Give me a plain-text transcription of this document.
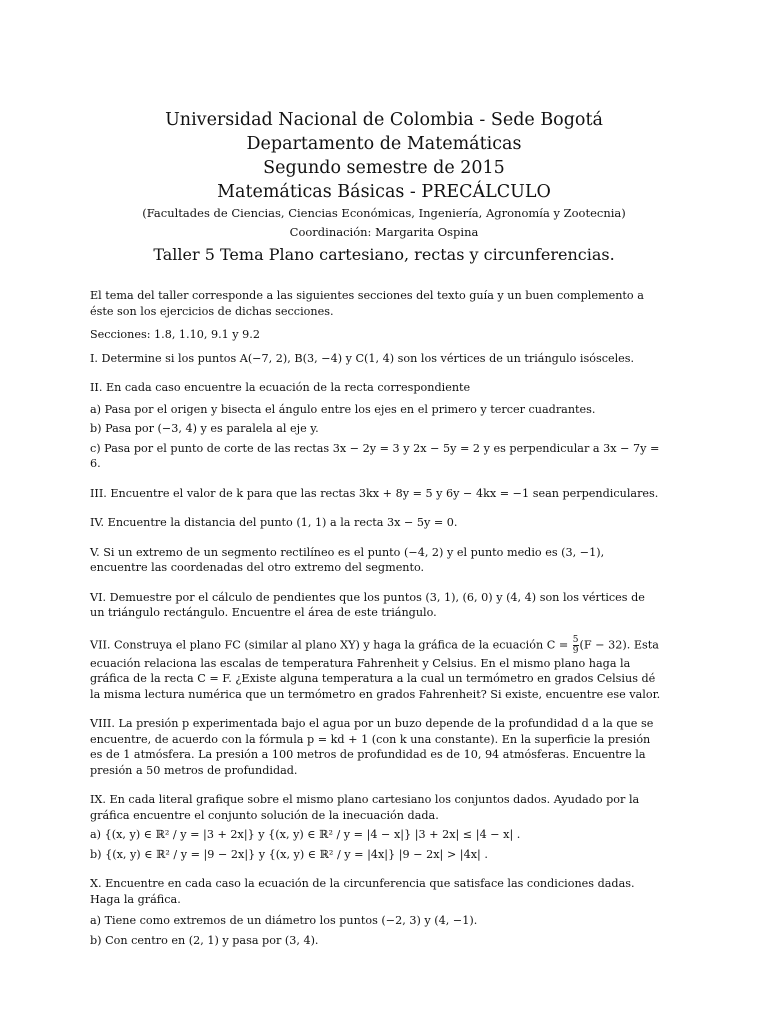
Universidad Nacional de Colombia - Sede Bogotá
Departamento de Matemáticas
Segundo semestre de 2015
Matemáticas Básicas - PRECÁLCULO
(Facultades de Ciencias, Ciencias Económicas, Ingeniería, Agronomía y Zootecnia)
Coordinación: Margarita Ospina
Taller 5 Tema Plano cartesiano, rectas y circunferencias.

El tema del taller corresponde a las siguientes secciones del texto guía y un buen complemento a éste son los ejercicios de dichas secciones.

Secciones: 1.8, 1.10, 9.1 y 9.2

I. Determine si los puntos A(−7, 2), B(3, −4) y C(1, 4) son los vértices de un triángulo isósceles.

II. En cada caso encuentre la ecuación de la recta correspondiente

a) Pasa por el origen y bisecta el ángulo entre los ejes en el primero y tercer cuadrantes.

b) Pasa por (−3, 4) y es paralela al eje y.

c) Pasa por el punto de corte de las rectas 3x − 2y = 3 y 2x − 5y = 2 y es perpendicular a 3x − 7y = 6.

III. Encuentre el valor de k para que las rectas 3kx + 8y = 5 y 6y − 4kx = −1 sean perpendiculares.

IV. Encuentre la distancia del punto (1, 1) a la recta 3x − 5y = 0.

V. Si un extremo de un segmento rectilíneo es el punto (−4, 2) y el punto medio es (3, −1), encuentre las coordenadas del otro extremo del segmento.

VI. Demuestre por el cálculo de pendientes que los puntos (3, 1), (6, 0) y (4, 4) son los vértices de un triángulo rectángulo. Encuentre el área de este triángulo.

VII. Construya el plano FC (similar al plano XY) y haga la gráfica de la ecuación $C = \frac{5}{9} (F - 32)$. Esta ecuación relaciona las escalas de temperatura Fahrenheit y Celsius. En el mismo plano haga la gráfica de la recta C = F. ¿Existe alguna temperatura a la cual un termómetro en grados Celsius dé la misma lectura numérica que un termómetro en grados Fahrenheit? Si existe, encuentre ese valor.

VIII. La presión p experimentada bajo el agua por un buzo depende de la profundidad d a la que se encuentre, de acuerdo con la fórmula p = kd + 1 (con k una constante). En la superficie la presión es de 1 atmósfera. La presión a 100 metros de profundidad es de 10, 94 atmósferas. Encuentre la presión a 50 metros de profundidad.

IX. En cada literal grafique sobre el mismo plano cartesiano los conjuntos dados. Ayudado por la gráfica encuentre el conjunto solución de la inecuación dada.

a) {(x, y) ∈ ℝ² / y = |3 + 2x|} y {(x, y) ∈ ℝ² / y = |4 − x|} |3 + 2x| ≤ |4 − x| .

b) {(x, y) ∈ ℝ² / y = |9 − 2x|} y {(x, y) ∈ ℝ² / y = |4x|} |9 − 2x| > |4x| .

X. Encuentre en cada caso la ecuación de la circunferencia que satisface las condiciones dadas. Haga la gráfica.

a) Tiene como extremos de un diámetro los puntos (−2, 3) y (4, −1).

b) Con centro en (2, 1) y pasa por (3, 4).
